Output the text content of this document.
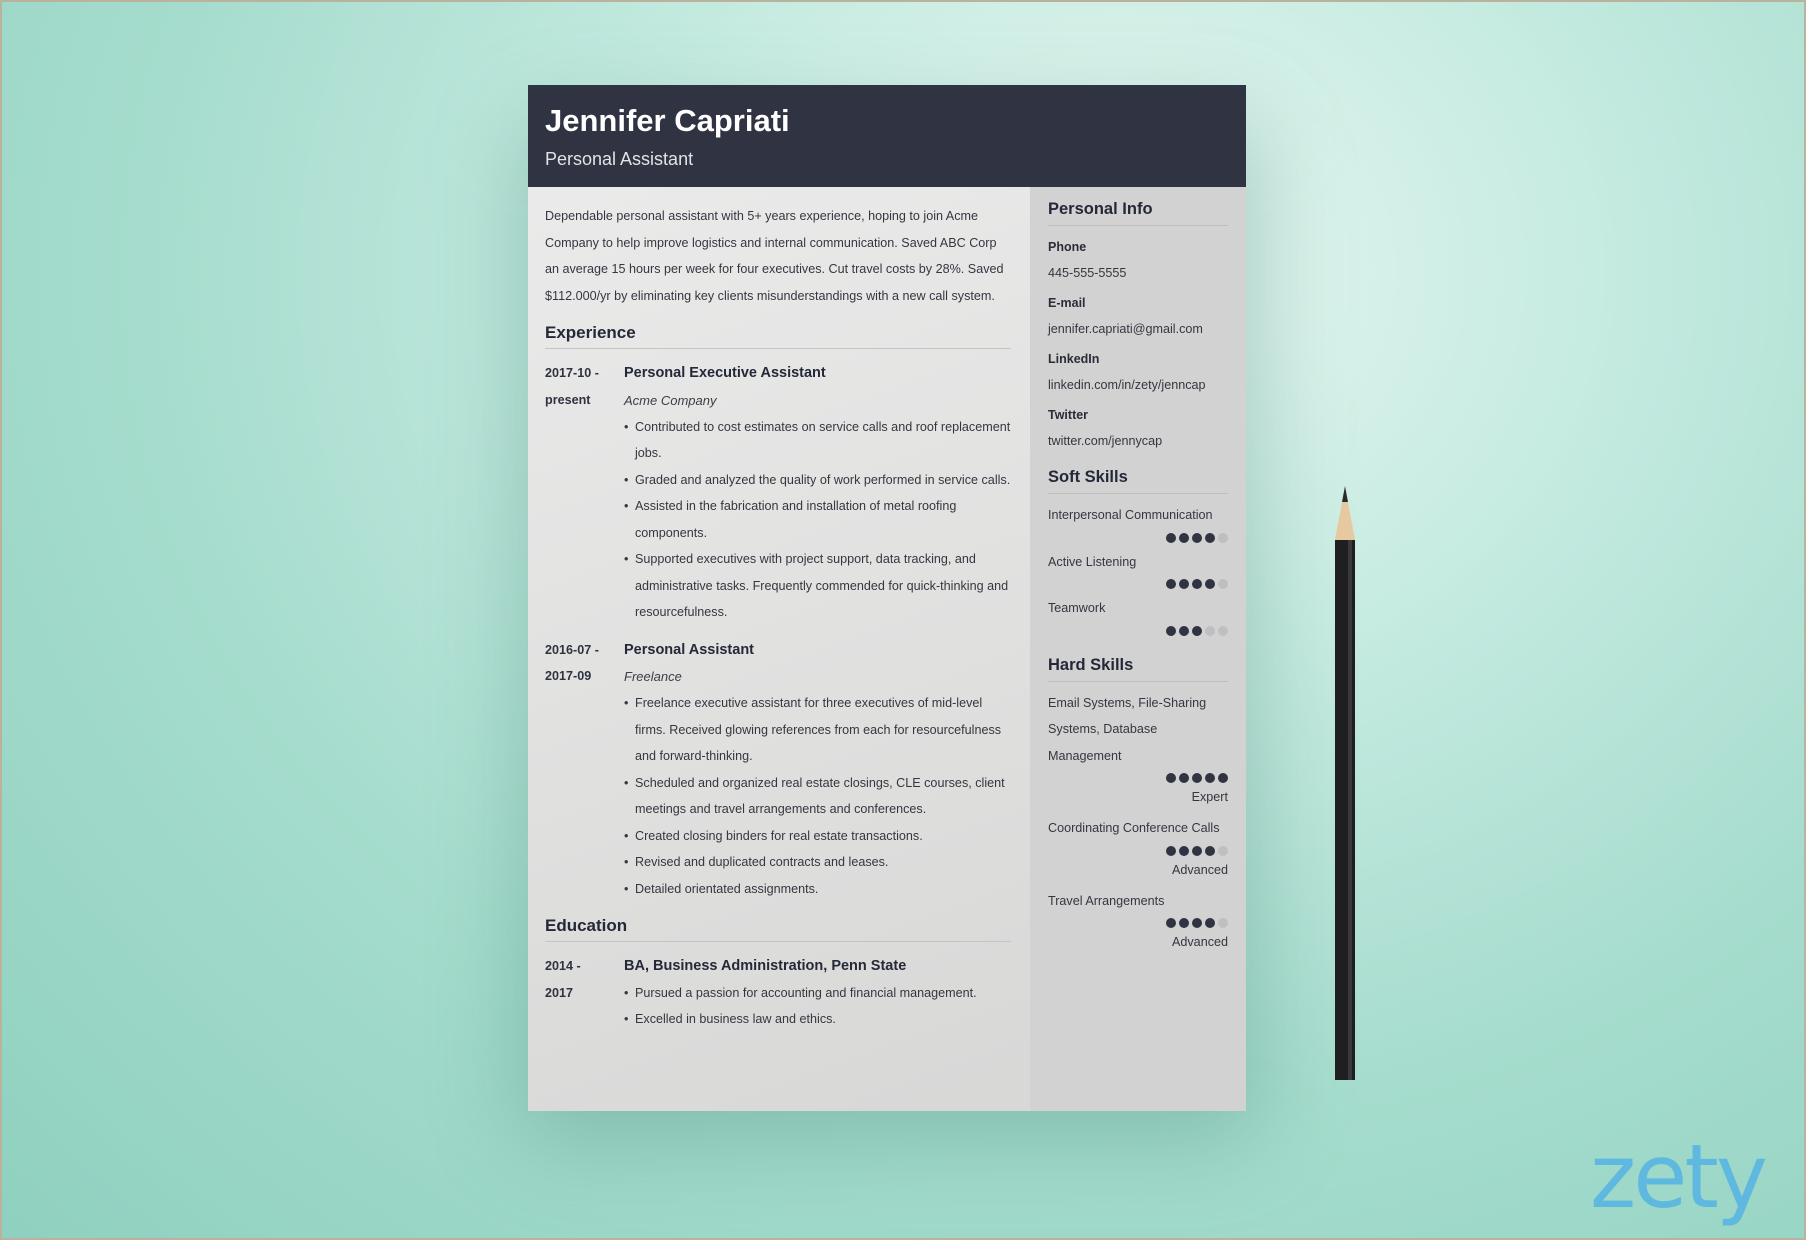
Jennifer Capriati
Personal Assistant

Dependable personal assistant with 5+ years experience, hoping to join Acme Company to help improve logistics and internal communication. Saved ABC Corp an average 15 hours per week for four executives. Cut travel costs by 28%. Saved $112.000/yr by eliminating key clients misunderstandings with a new call system.

Experience
2017-10 -
present
Personal Executive Assistant
Acme Company
• Contributed to cost estimates on service calls and roof replacement jobs.
• Graded and analyzed the quality of work performed in service calls.
• Assisted in the fabrication and installation of metal roofing components.
• Supported executives with project support, data tracking, and administrative tasks. Frequently commended for quick-thinking and resourcefulness.
2016-07 -
2017-09
Personal Assistant
Freelance
• Freelance executive assistant for three executives of mid-level firms. Received glowing references from each for resourcefulness and forward-thinking.
• Scheduled and organized real estate closings, CLE courses, client meetings and travel arrangements and conferences.
• Created closing binders for real estate transactions.
• Revised and duplicated contracts and leases.
• Detailed orientated assignments.
Education
2014 -
2017
BA, Business Administration, Penn State
• Pursued a passion for accounting and financial management.
• Excelled in business law and ethics.
Personal Info
Phone
445-555-5555
E-mail
jennifer.capriati@gmail.com
LinkedIn
linkedin.com/in/zety/jenncap
Twitter
twitter.com/jennycap
Soft Skills
Interpersonal Communication
Active Listening
Teamwork
Hard Skills
Email Systems, File-Sharing Systems, Database Management
Expert
Coordinating Conference Calls
Advanced
Travel Arrangements
Advanced
zety
